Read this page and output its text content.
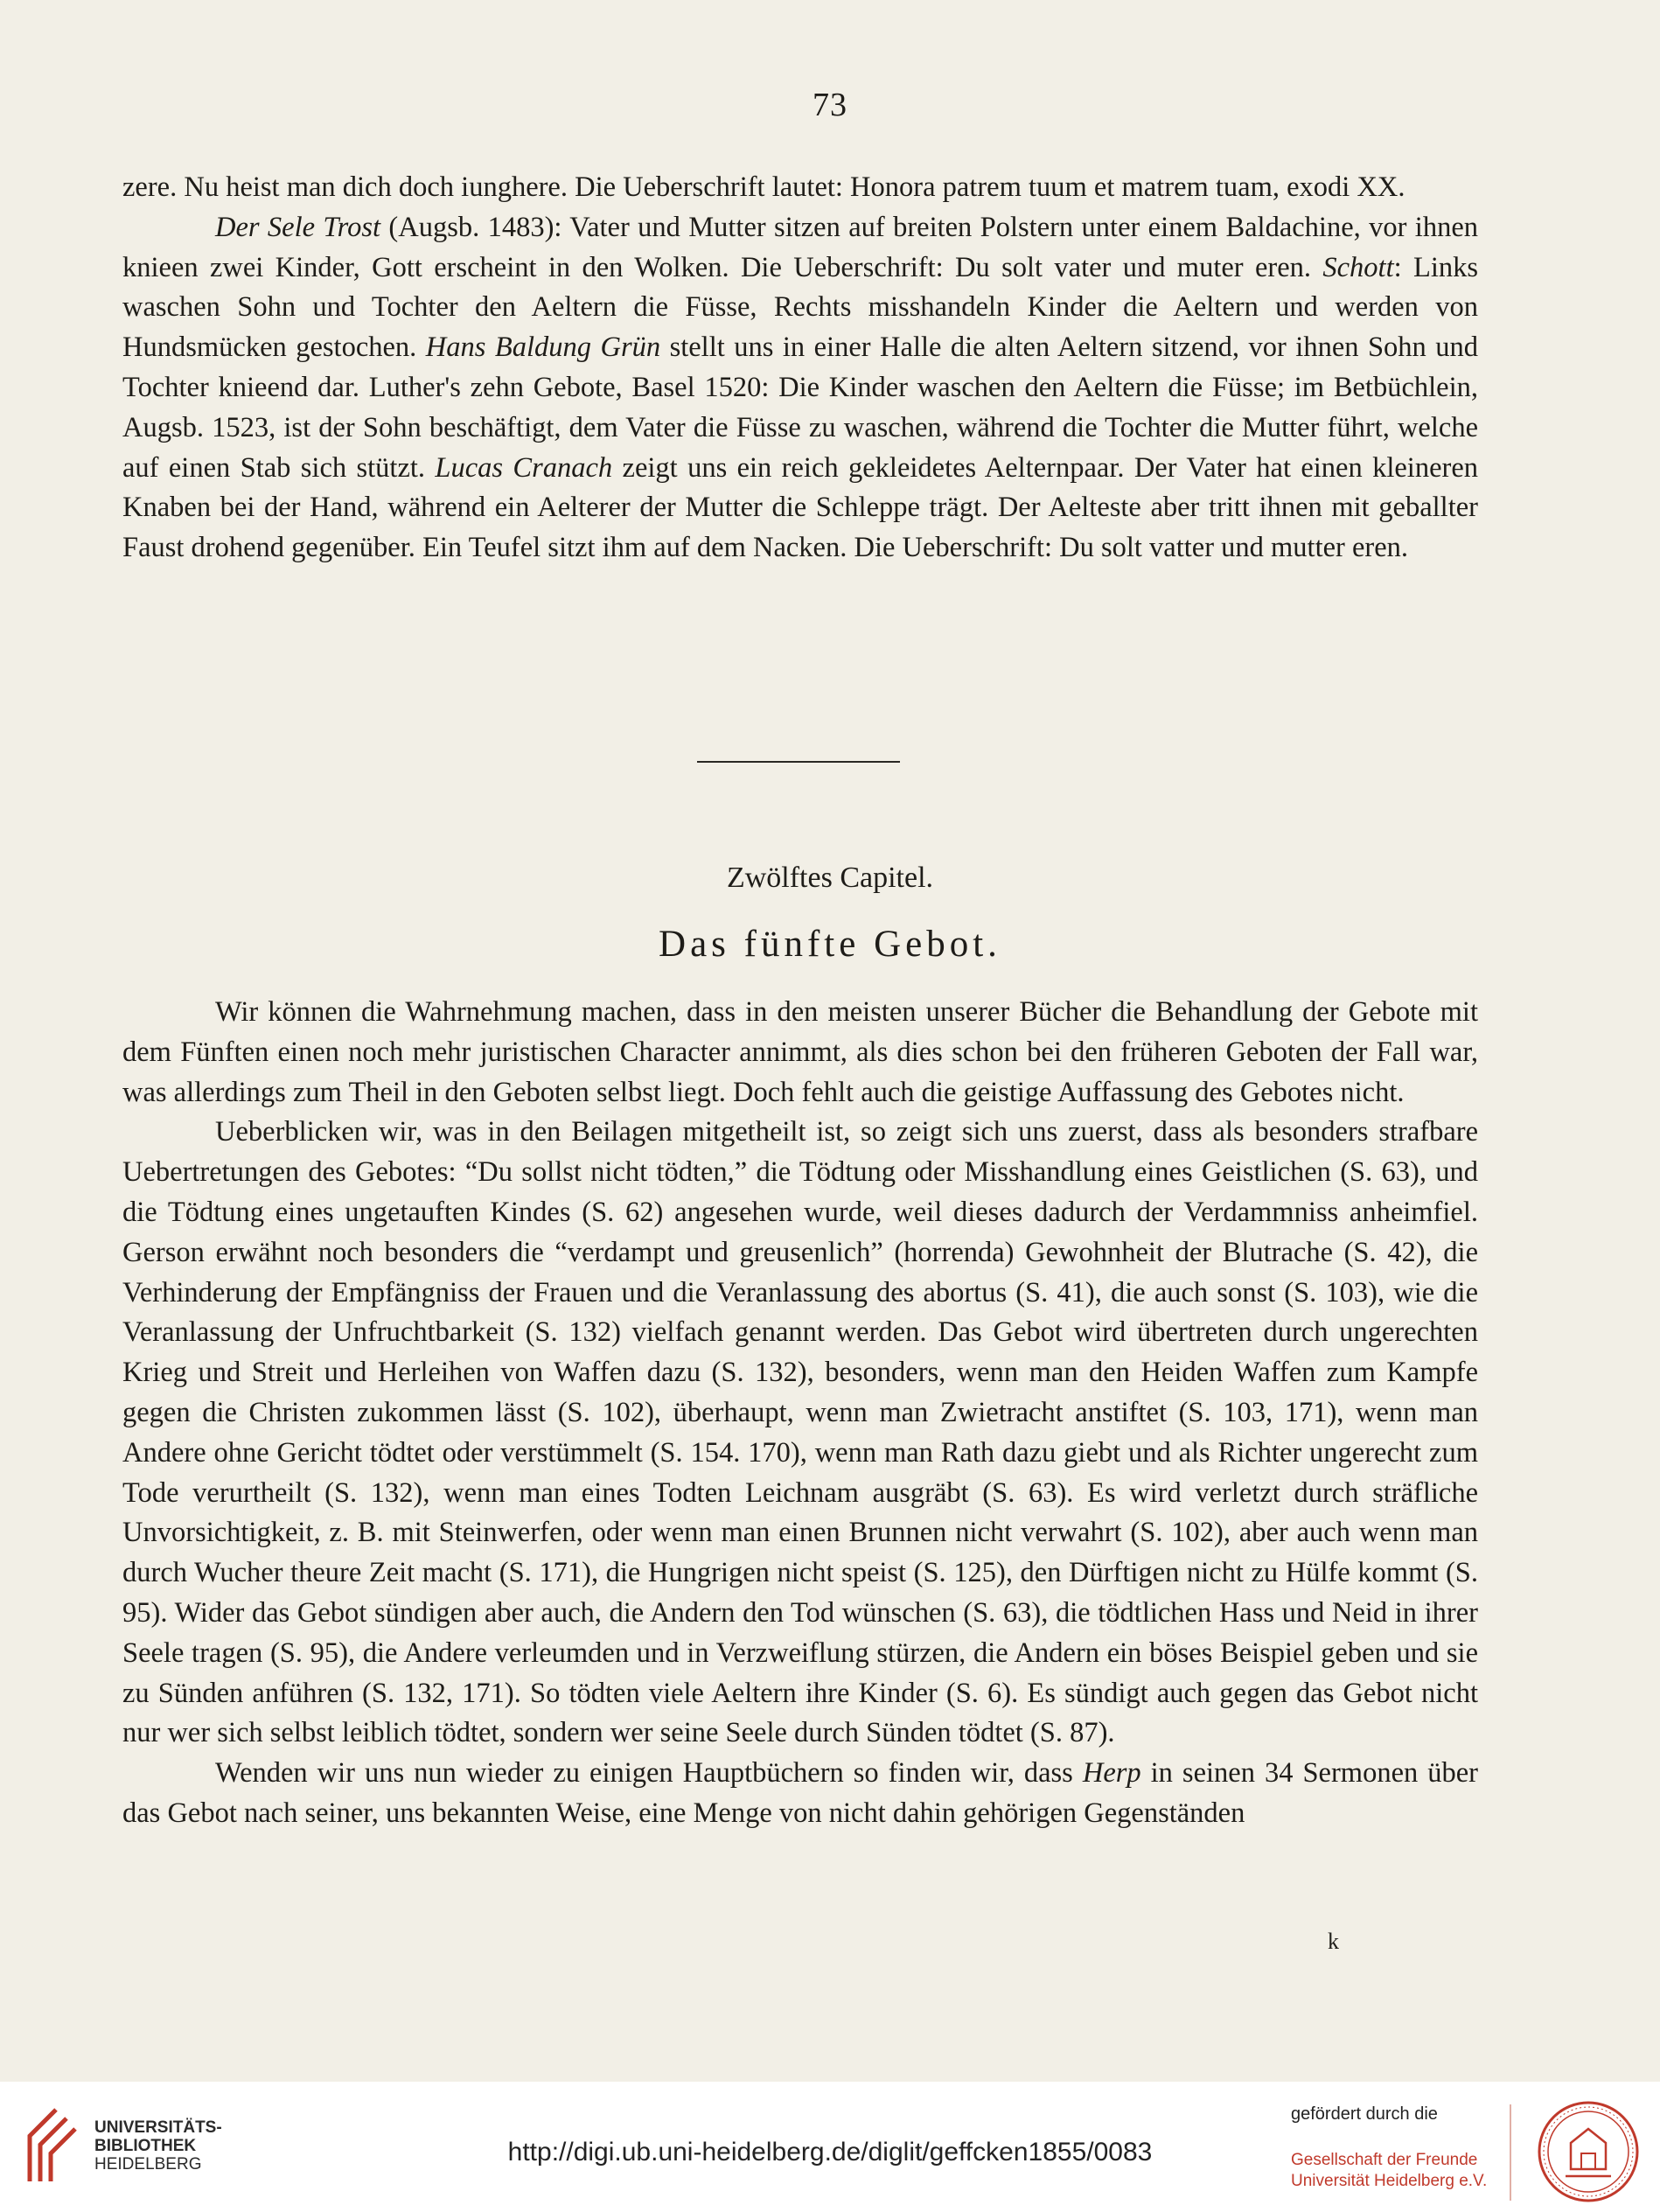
73

zere. Nu heist man dich doch iunghere. Die Ueberschrift lautet: Honora patrem tuum et matrem tuam, exodi XX.

Der Sele Trost (Augsb. 1483): Vater und Mutter sitzen auf breiten Polstern unter einem Baldachine, vor ihnen knieen zwei Kinder, Gott erscheint in den Wolken. Die Ueberschrift: Du solt vater und muter eren. Schott: Links waschen Sohn und Tochter den Aeltern die Füsse, Rechts misshandeln Kinder die Aeltern und werden von Hundsmücken gestochen. Hans Baldung Grün stellt uns in einer Halle die alten Aeltern sitzend, vor ihnen Sohn und Tochter knieend dar. Luther's zehn Gebote, Basel 1520: Die Kinder waschen den Aeltern die Füsse; im Betbüchlein, Augsb. 1523, ist der Sohn beschäftigt, dem Vater die Füsse zu waschen, während die Tochter die Mutter führt, welche auf einen Stab sich stützt. Lucas Cranach zeigt uns ein reich gekleidetes Aelternpaar. Der Vater hat einen kleineren Knaben bei der Hand, während ein Aelterer der Mutter die Schleppe trägt. Der Aelteste aber tritt ihnen mit geballter Faust drohend gegenüber. Ein Teufel sitzt ihm auf dem Nacken. Die Ueberschrift: Du solt vatter und mutter eren.

Zwölftes Capitel.
Das fünfte Gebot.

Wir können die Wahrnehmung machen, dass in den meisten unserer Bücher die Behandlung der Gebote mit dem Fünften einen noch mehr juristischen Character annimmt, als dies schon bei den früheren Geboten der Fall war, was allerdings zum Theil in den Geboten selbst liegt. Doch fehlt auch die geistige Auffassung des Gebotes nicht.

Ueberblicken wir, was in den Beilagen mitgetheilt ist, so zeigt sich uns zuerst, dass als besonders strafbare Uebertretungen des Gebotes: “Du sollst nicht tödten,” die Tödtung oder Misshandlung eines Geistlichen (S. 63), und die Tödtung eines ungetauften Kindes (S. 62) angesehen wurde, weil dieses dadurch der Verdammniss anheimfiel. Gerson erwähnt noch besonders die “verdampt und greusenlich” (horrenda) Gewohnheit der Blutrache (S. 42), die Verhinderung der Empfängniss der Frauen und die Veranlassung des abortus (S. 41), die auch sonst (S. 103), wie die Veranlassung der Unfruchtbarkeit (S. 132) vielfach genannt werden. Das Gebot wird übertreten durch ungerechten Krieg und Streit und Herleihen von Waffen dazu (S. 132), besonders, wenn man den Heiden Waffen zum Kampfe gegen die Christen zukommen lässt (S. 102), überhaupt, wenn man Zwietracht anstiftet (S. 103, 171), wenn man Andere ohne Gericht tödtet oder verstümmelt (S. 154. 170), wenn man Rath dazu giebt und als Richter ungerecht zum Tode verurtheilt (S. 132), wenn man eines Todten Leichnam ausgräbt (S. 63). Es wird verletzt durch sträfliche Unvorsichtigkeit, z. B. mit Steinwerfen, oder wenn man einen Brunnen nicht verwahrt (S. 102), aber auch wenn man durch Wucher theure Zeit macht (S. 171), die Hungrigen nicht speist (S. 125), den Dürftigen nicht zu Hülfe kommt (S. 95). Wider das Gebot sündigen aber auch, die Andern den Tod wünschen (S. 63), die tödtlichen Hass und Neid in ihrer Seele tragen (S. 95), die Andere verleumden und in Verzweiflung stürzen, die Andern ein böses Beispiel geben und sie zu Sünden anführen (S. 132, 171). So tödten viele Aeltern ihre Kinder (S. 6). Es sündigt auch gegen das Gebot nicht nur wer sich selbst leiblich tödtet, sondern wer seine Seele durch Sünden tödtet (S. 87).

Wenden wir uns nun wieder zu einigen Hauptbüchern so finden wir, dass Herp in seinen 34 Sermonen über das Gebot nach seiner, uns bekannten Weise, eine Menge von nicht dahin gehörigen Gegenständen

k
UNIVERSITÄTS-
BIBLIOTHEK
HEIDELBERG	http://digi.ub.uni-heidelberg.de/diglit/geffcken1855/0083
gefördert durch die
Gesellschaft der Freunde
Universität Heidelberg e.V.
